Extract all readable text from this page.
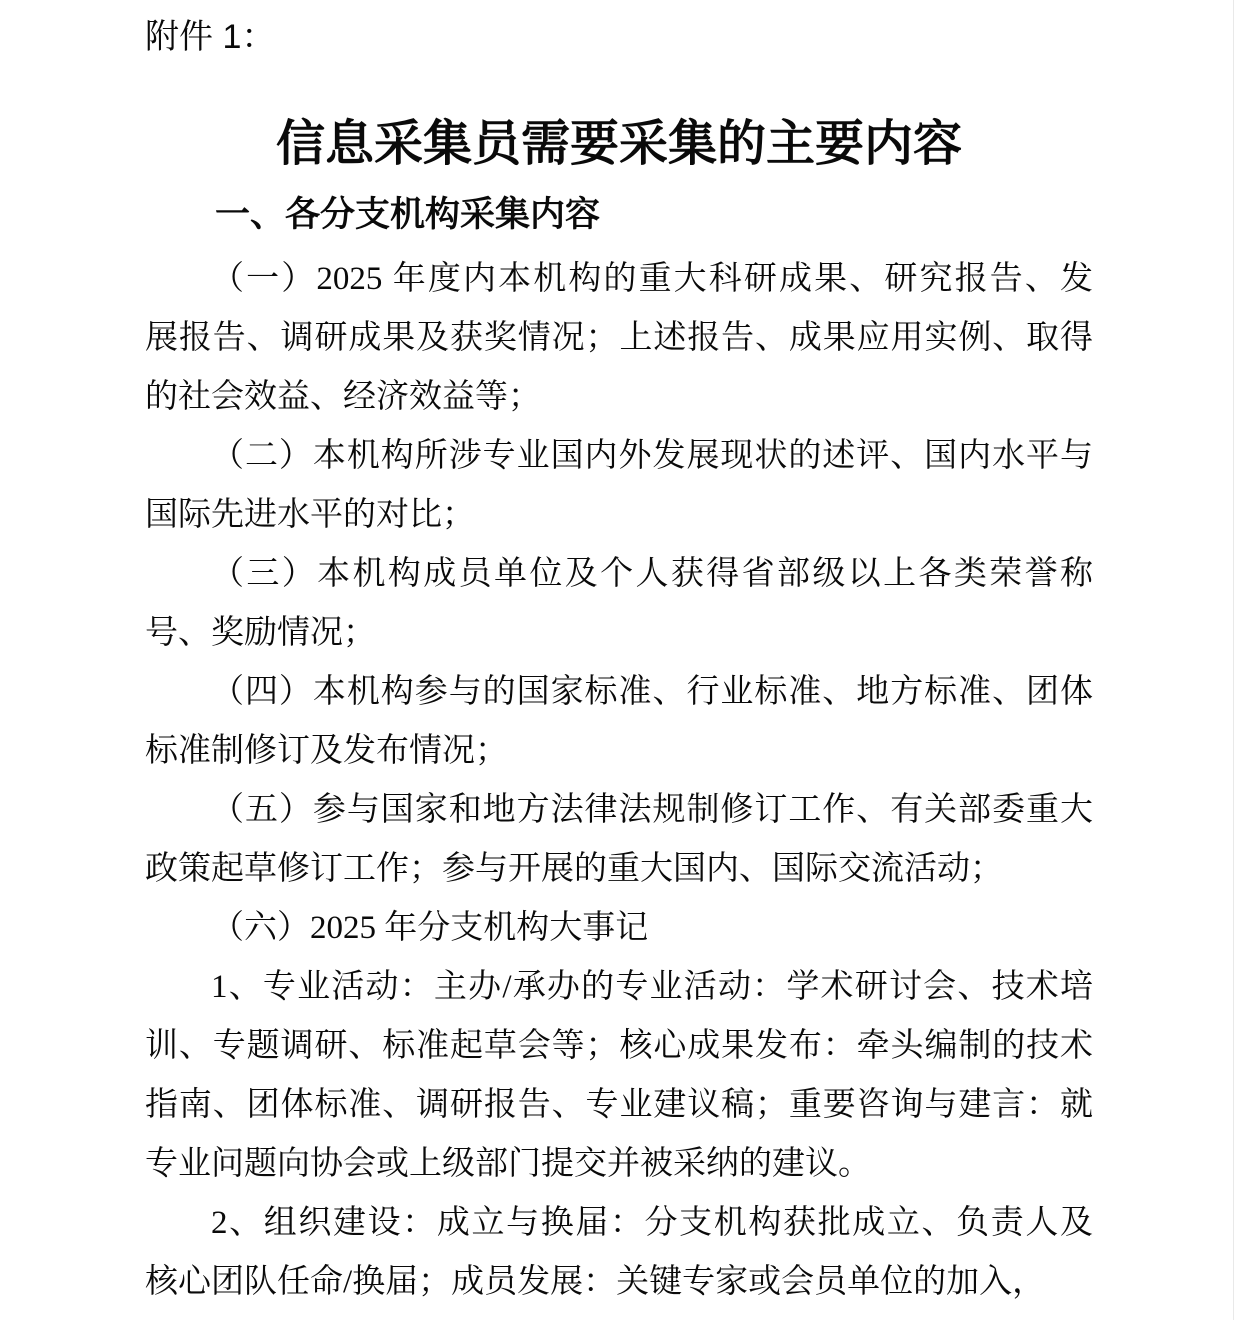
附件 1：
信息采集员需要采集的主要内容
一、各分支机构采集内容
（一）2025 年度内本机构的重大科研成果、研究报告、发
展报告、调研成果及获奖情况；上述报告、成果应用实例、取得
的社会效益、经济效益等；
（二）本机构所涉专业国内外发展现状的述评、国内水平与
国际先进水平的对比；
（三）本机构成员单位及个人获得省部级以上各类荣誉称
号、奖励情况；
（四）本机构参与的国家标准、行业标准、地方标准、团体
标准制修订及发布情况；
（五）参与国家和地方法律法规制修订工作、有关部委重大
政策起草修订工作；参与开展的重大国内、国际交流活动；
（六）2025 年分支机构大事记
1、专业活动：主办/承办的专业活动：学术研讨会、技术培
训、专题调研、标准起草会等；核心成果发布：牵头编制的技术
指南、团体标准、调研报告、专业建议稿；重要咨询与建言：就
专业问题向协会或上级部门提交并被采纳的建议。
2、组织建设：成立与换届：分支机构获批成立、负责人及
核心团队任命/换届；成员发展：关键专家或会员单位的加入，
